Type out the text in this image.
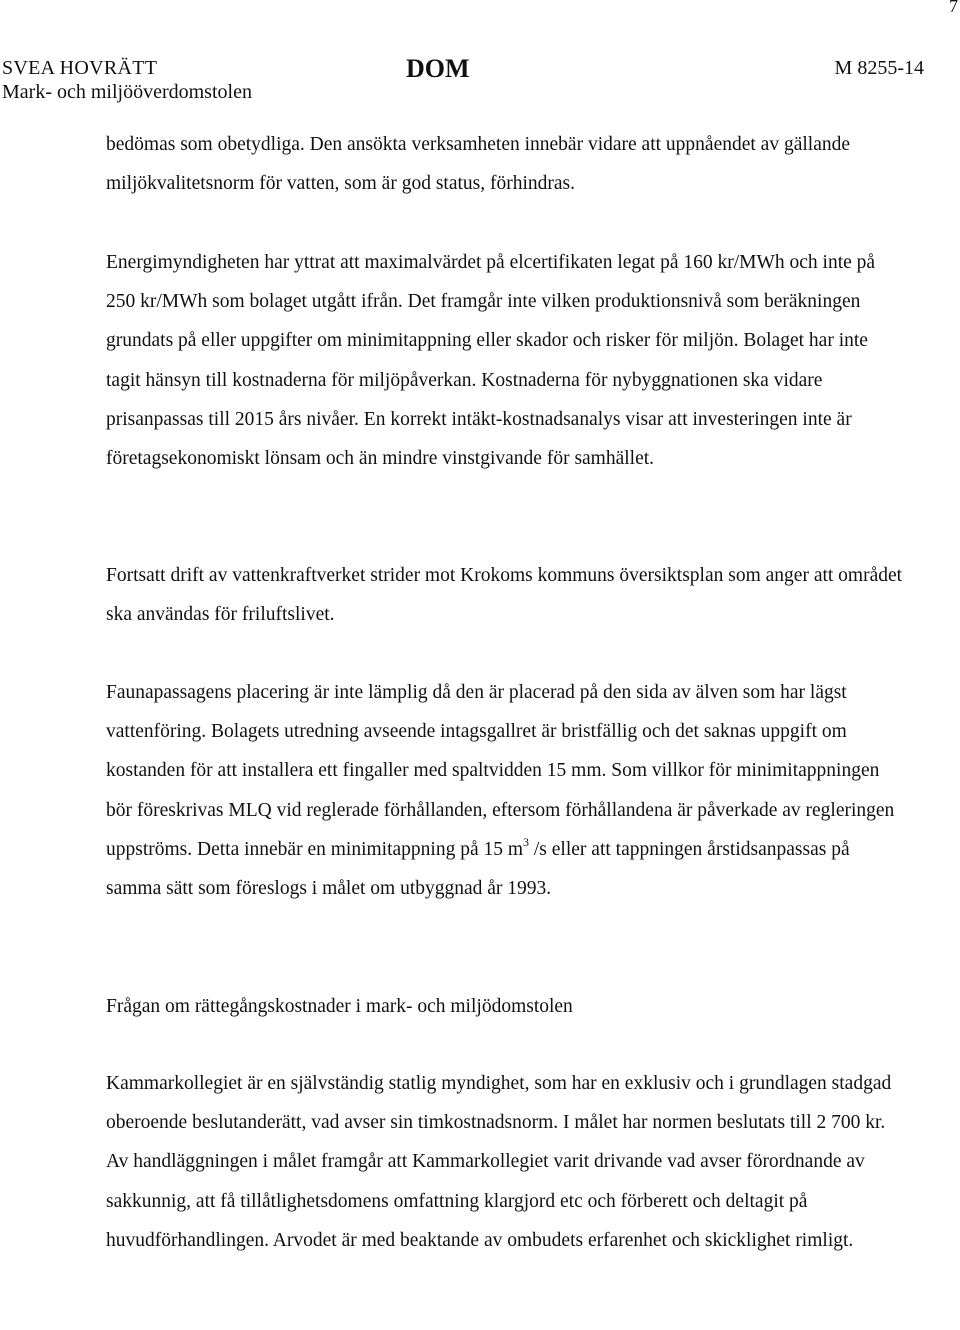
7
SVEA HOVRÄTT
Mark- och miljööverdomstolen
DOM	M 8255-14

bedömas som obetydliga. Den ansökta verksamheten innebär vidare att uppnåendet av gällande miljökvalitetsnorm för vatten, som är god status, förhindras.

Energimyndigheten har yttrat att maximalvärdet på elcertifikaten legat på 160 kr/MWh och inte på 250 kr/MWh som bolaget utgått ifrån. Det framgår inte vilken produktionsnivå som beräkningen grundats på eller uppgifter om minimitappning eller skador och risker för miljön. Bolaget har inte tagit hänsyn till kostnaderna för miljöpåverkan. Kostnaderna för nybyggnationen ska vidare prisanpassas till 2015 års nivåer. En korrekt intäkt-kostnadsanalys visar att investeringen inte är företagsekonomiskt lönsam och än mindre vinstgivande för samhället.

Fortsatt drift av vattenkraftverket strider mot Krokoms kommuns översiktsplan som anger att området ska användas för friluftslivet.

Faunapassagens placering är inte lämplig då den är placerad på den sida av älven som har lägst vattenföring. Bolagets utredning avseende intagsgallret är bristfällig och det saknas uppgift om kostanden för att installera ett fingaller med spaltvidden 15 mm. Som villkor för minimitappningen bör föreskrivas MLQ vid reglerade förhållanden, eftersom förhållandena är påverkade av regleringen uppströms. Detta innebär en minimitappning på 15 $m^3$ /s eller att tappningen årstidsanpassas på samma sätt som föreslogs i målet om utbyggnad år 1993.

Frågan om rättegångskostnader i mark- och miljödomstolen

Kammarkollegiet är en självständig statlig myndighet, som har en exklusiv och i grundlagen stadgad oberoende beslutanderätt, vad avser sin timkostnadsnorm. I målet har normen beslutats till 2 700 kr. Av handläggningen i målet framgår att Kammarkollegiet varit drivande vad avser förordnande av sakkunnig, att få tillåtlighetsdomens omfattning klargjord etc och förberett och deltagit på huvudförhandlingen. Arvodet är med beaktande av ombudets erfarenhet och skicklighet rimligt.
